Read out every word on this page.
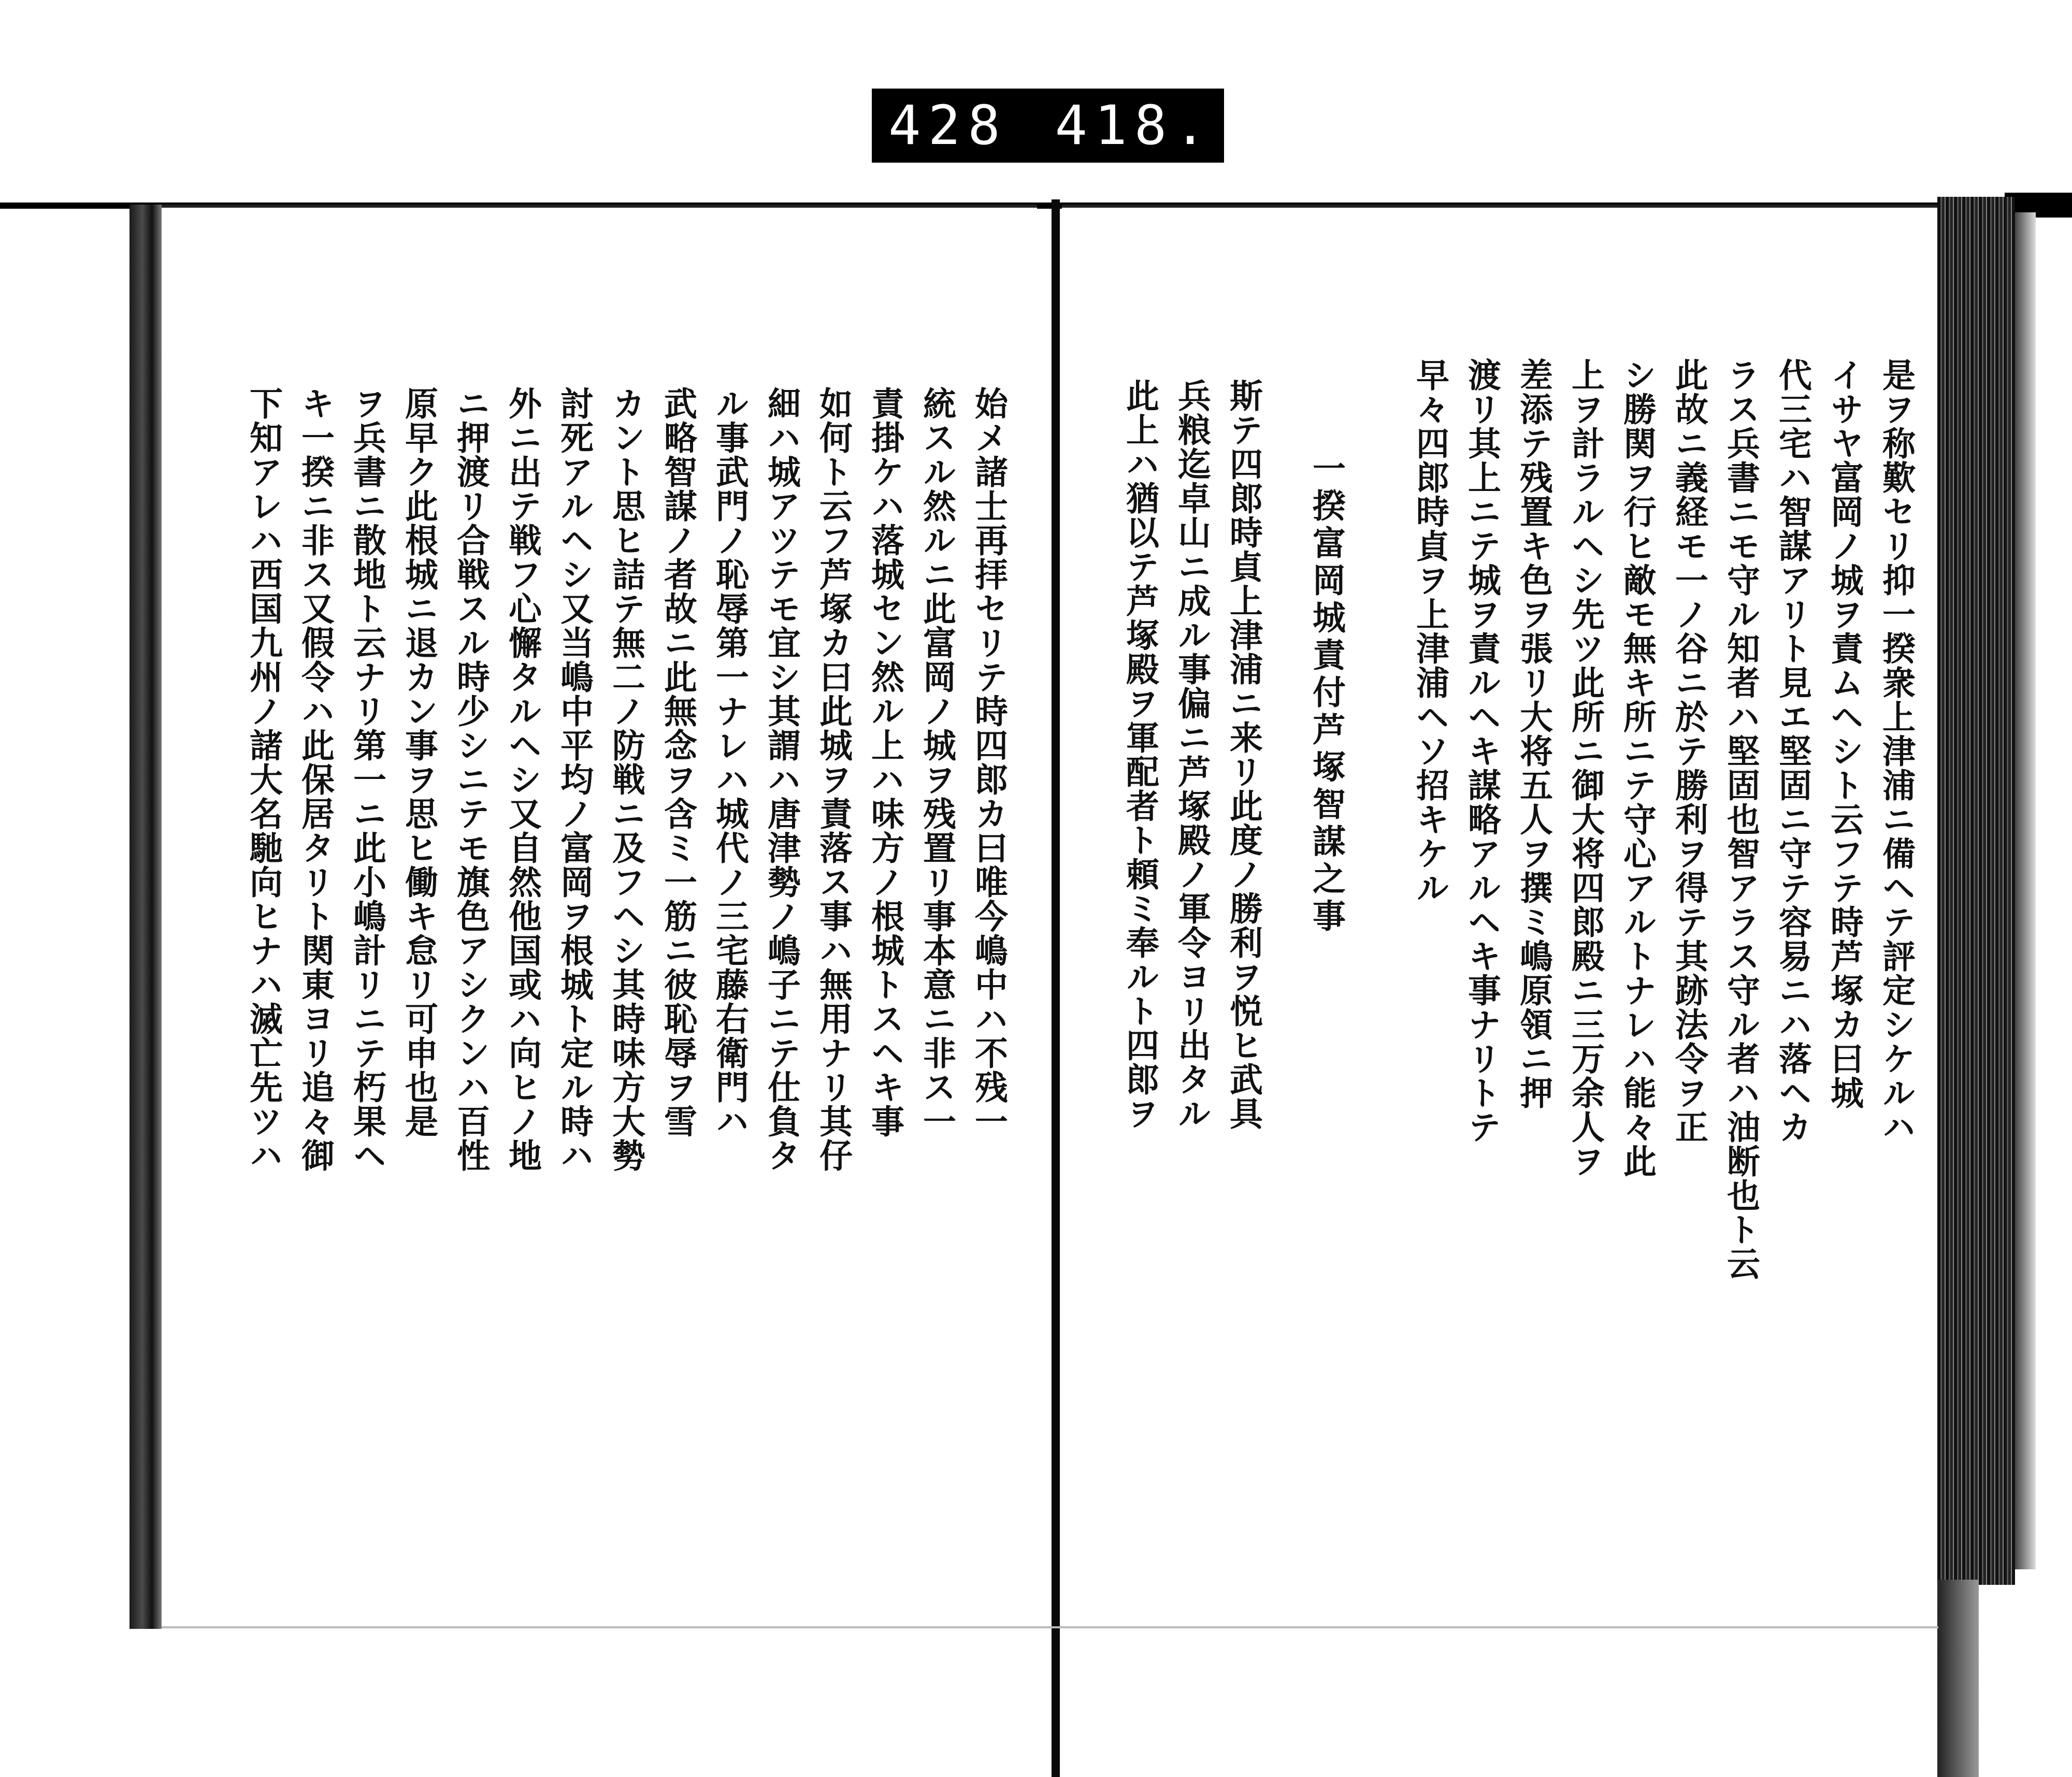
428 418.
始メ諸士再拝セリテ時四郎カ曰唯今嶋中ハ不残一
統スル然ルニ此富岡ノ城ヲ残置リ事本意ニ非ス一
責掛ケハ落城セン然ル上ハ味方ノ根城トスヘキ事
如何ト云フ芦塚カ曰此城ヲ責落ス事ハ無用ナリ其仔
細ハ城アツテモ宜シ其謂ハ唐津勢ノ嶋子ニテ仕負タ
ル事武門ノ恥辱第一ナレハ城代ノ三宅藤右衛門ハ
武略智謀ノ者故ニ此無念ヲ含ミ一筋ニ彼恥辱ヲ雪
カント思ヒ詰テ無二ノ防戦ニ及フヘシ其時味方大勢
討死アルヘシ又当嶋中平均ノ富岡ヲ根城ト定ル時ハ
外ニ出テ戦フ心懈タルヘシ又自然他国或ハ向ヒノ地
ニ押渡リ合戦スル時少シニテモ旗色アシクンハ百性
原早ク此根城ニ退カン事ヲ思ヒ働キ怠リ可申也是
ヲ兵書ニ散地ト云ナリ第一ニ此小嶋計リニテ朽果ヘ
キ一揆ニ非ス又假令ハ此保居タリト関東ヨリ追々御
下知アレハ西国九州ノ諸大名馳向ヒナハ滅亡先ツハ	是ヲ称歎セリ抑一揆衆上津浦ニ備ヘテ評定シケルハ
イサヤ富岡ノ城ヲ責ムヘシト云フテ時芦塚カ曰城
代三宅ハ智謀アリト見エ堅固ニ守テ容易ニハ落ヘカ
ラス兵書ニモ守ル知者ハ堅固也智アラス守ル者ハ油断也ト云
此故ニ義経モ一ノ谷ニ於テ勝利ヲ得テ其跡法令ヲ正
シ勝関ヲ行ヒ敵モ無キ所ニテ守心アルトナレハ能々此
上ヲ計ラルヘシ先ツ此所ニ御大将四郎殿ニ三万余人ヲ
差添テ残置キ色ヲ張リ大将五人ヲ撰ミ嶋原領ニ押
渡リ其上ニテ城ヲ責ルヘキ謀略アルヘキ事ナリトテ
早々四郎時貞ヲ上津浦ヘソ招キケル
一揆富岡城責付芦塚智謀之事
斯テ四郎時貞上津浦ニ来リ此度ノ勝利ヲ悦ヒ武具
兵粮迄卓山ニ成ル事偏ニ芦塚殿ノ軍令ヨリ出タル
此上ハ猶以テ芦塚殿ヲ軍配者ト頼ミ奉ルト四郎ヲ
